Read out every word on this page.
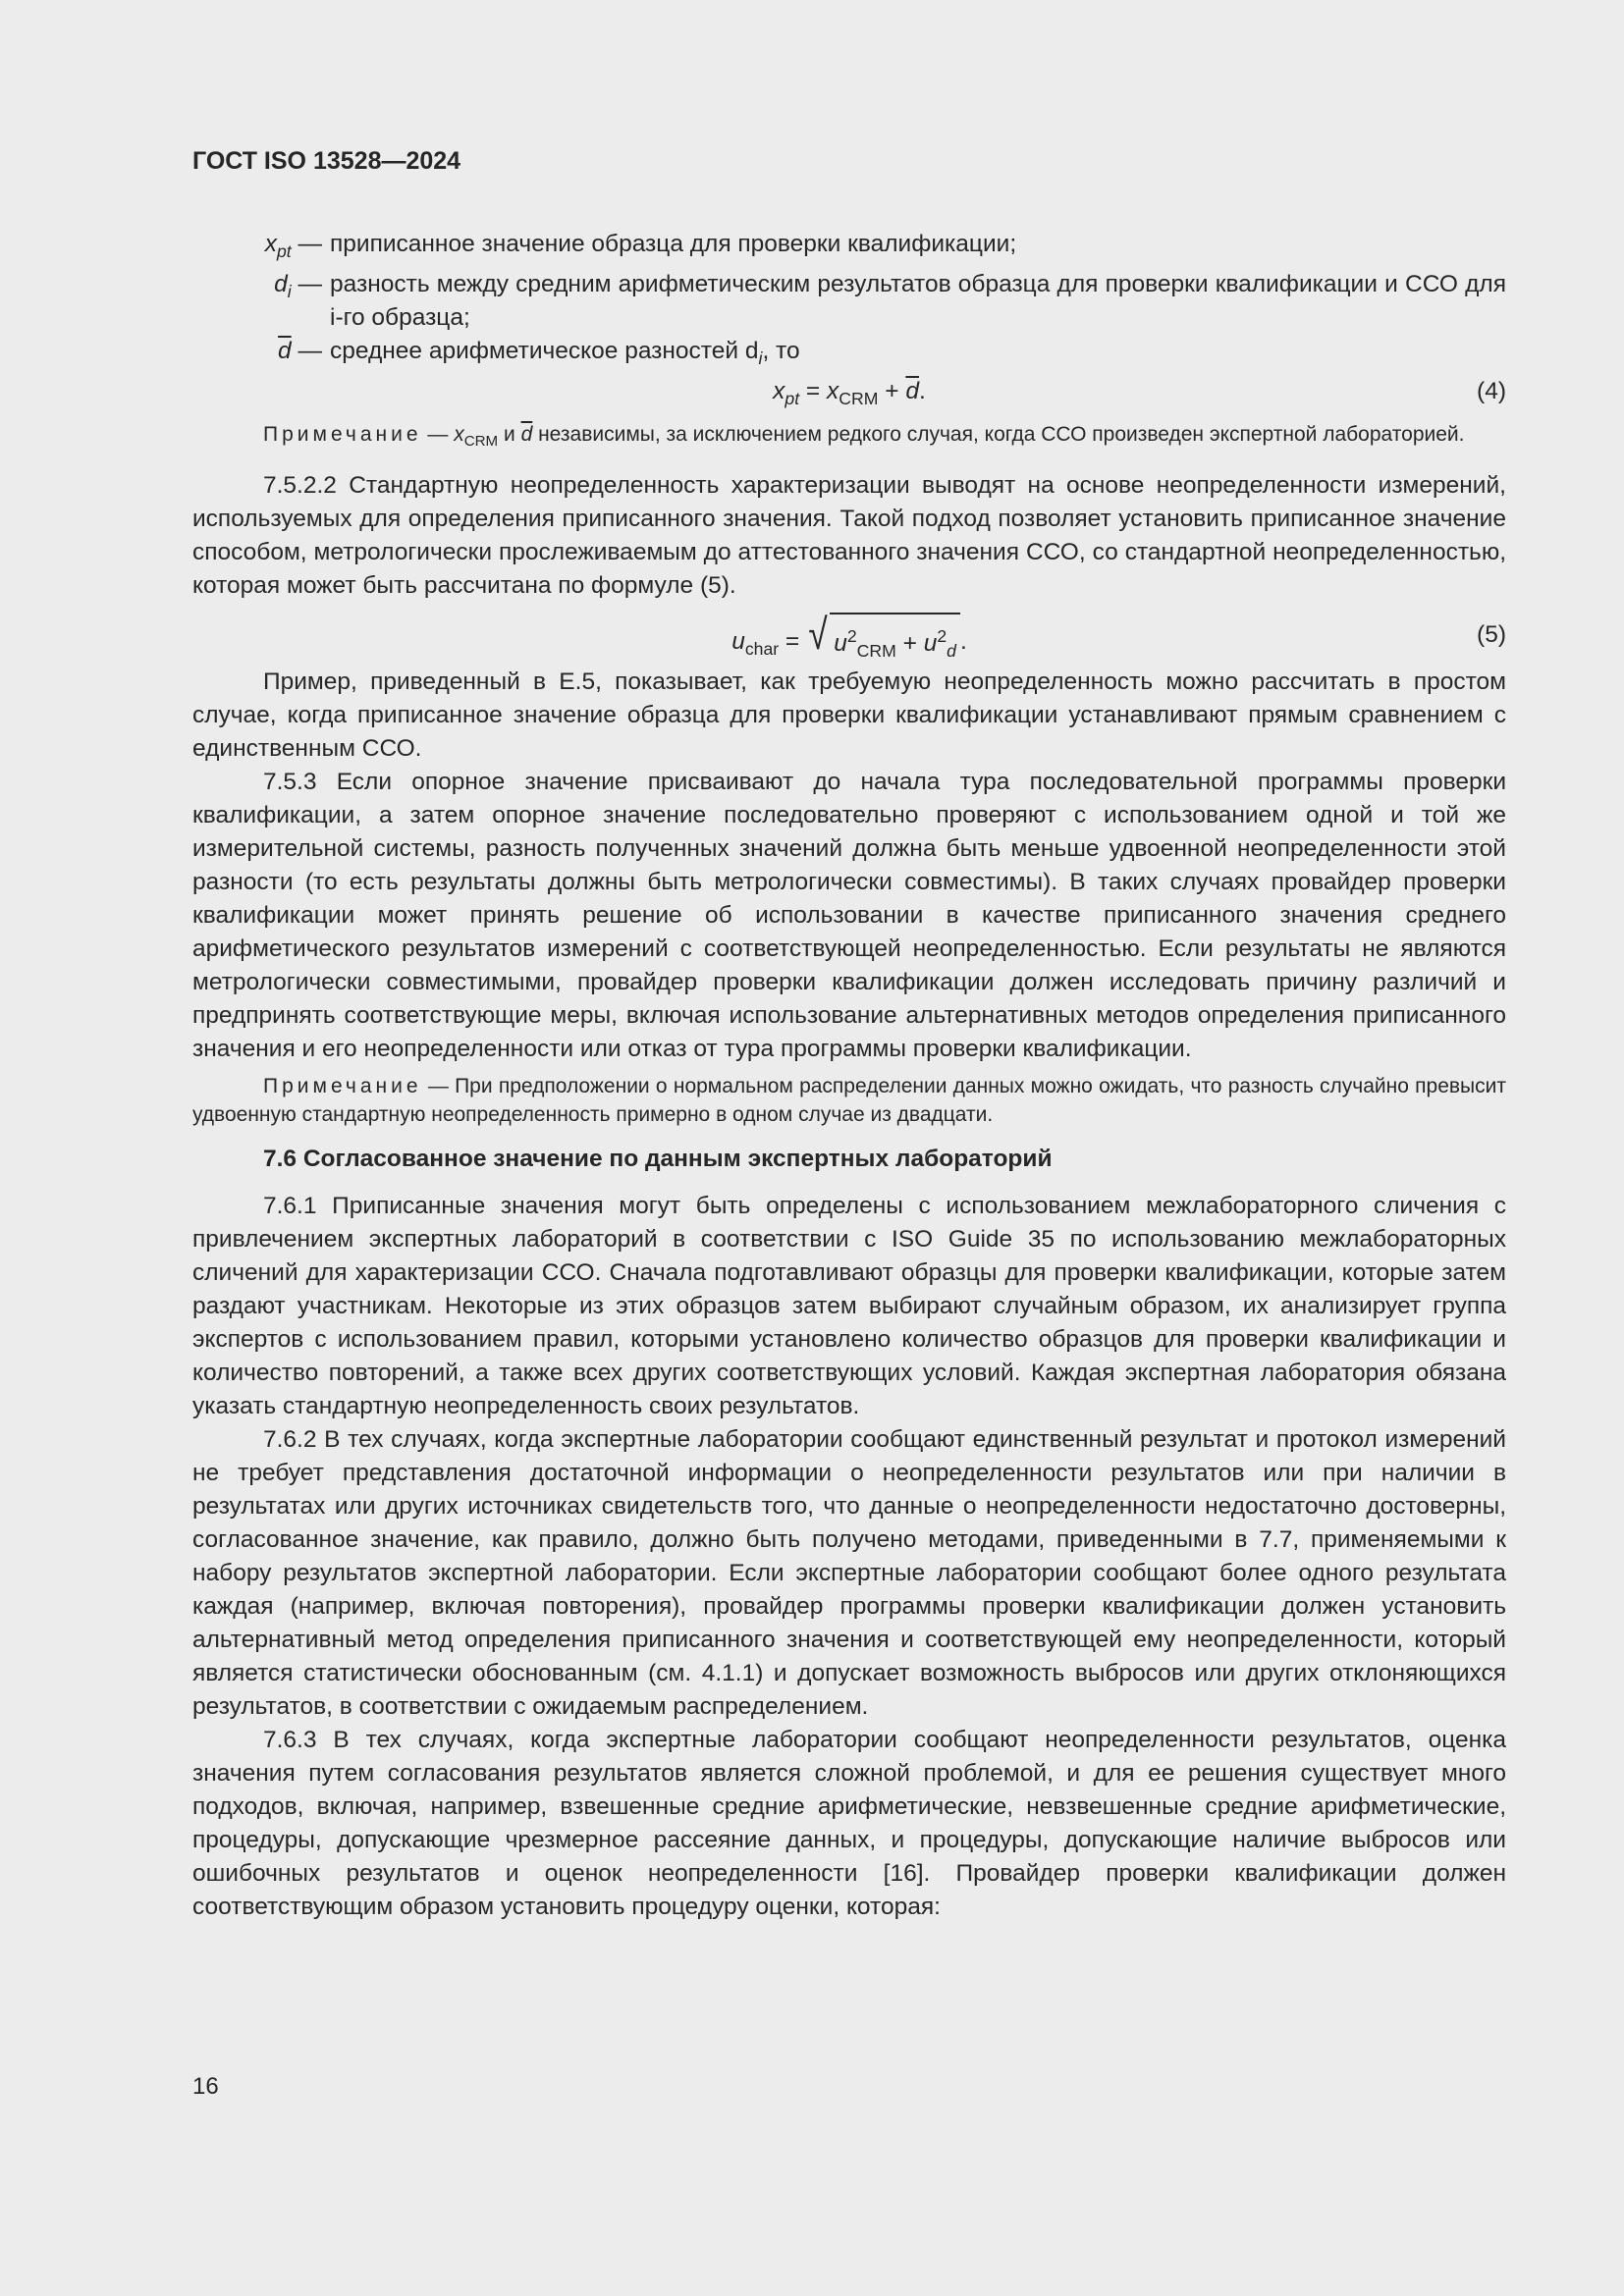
ГОСТ ISO 13528—2024
$x_{pt}$ — приписанное значение образца для проверки квалификации;
$d_i$ — разность между средним арифметическим результатов образца для проверки квалификации и ССО для i-го образца;
$\overline{d}$ — среднее арифметическое разностей $d_i$, то
$x_{pt} = x_{CRM} + \overline{d}$.	(4)

Примечание — $x_{CRM}$ и $\overline{d}$ независимы, за исключением редкого случая, когда ССО произведен экспертной лабораторией.

7.5.2.2 Стандартную неопределенность характеризации выводят на основе неопределенности измерений, используемых для определения приписанного значения. Такой подход позволяет установить приписанное значение способом, метрологически прослеживаемым до аттестованного значения ССО, со стандартной неопределенностью, которая может быть рассчитана по формуле (5).

$u_{char}$ = √ $u^2_{CRM} + u^2_d$ .	(5)

Пример, приведенный в Е.5, показывает, как требуемую неопределенность можно рассчитать в простом случае, когда приписанное значение образца для проверки квалификации устанавливают прямым сравнением с единственным ССО.

7.5.3 Если опорное значение присваивают до начала тура последовательной программы проверки квалификации, а затем опорное значение последовательно проверяют с использованием одной и той же измерительной системы, разность полученных значений должна быть меньше удвоенной неопределенности этой разности (то есть результаты должны быть метрологически совместимы). В таких случаях провайдер проверки квалификации может принять решение об использовании в качестве приписанного значения среднего арифметического результатов измерений с соответствующей неопределенностью. Если результаты не являются метрологически совместимыми, провайдер проверки квалификации должен исследовать причину различий и предпринять соответствующие меры, включая использование альтернативных методов определения приписанного значения и его неопределенности или отказ от тура программы проверки квалификации.

Примечание — При предположении о нормальном распределении данных можно ожидать, что разность случайно превысит удвоенную стандартную неопределенность примерно в одном случае из двадцати.

7.6 Согласованное значение по данным экспертных лабораторий

7.6.1 Приписанные значения могут быть определены с использованием межлабораторного сличения с привлечением экспертных лабораторий в соответствии с ISO Guide 35 по использованию межлабораторных сличений для характеризации ССО. Сначала подготавливают образцы для проверки квалификации, которые затем раздают участникам. Некоторые из этих образцов затем выбирают случайным образом, их анализирует группа экспертов с использованием правил, которыми установлено количество образцов для проверки квалификации и количество повторений, а также всех других соответствующих условий. Каждая экспертная лаборатория обязана указать стандартную неопределенность своих результатов.

7.6.2 В тех случаях, когда экспертные лаборатории сообщают единственный результат и протокол измерений не требует представления достаточной информации о неопределенности результатов или при наличии в результатах или других источниках свидетельств того, что данные о неопределенности недостаточно достоверны, согласованное значение, как правило, должно быть получено методами, приведенными в 7.7, применяемыми к набору результатов экспертной лаборатории. Если экспертные лаборатории сообщают более одного результата каждая (например, включая повторения), провайдер программы проверки квалификации должен установить альтернативный метод определения приписанного значения и соответствующей ему неопределенности, который является статистически обоснованным (см. 4.1.1) и допускает возможность выбросов или других отклоняющихся результатов, в соответствии с ожидаемым распределением.

7.6.3 В тех случаях, когда экспертные лаборатории сообщают неопределенности результатов, оценка значения путем согласования результатов является сложной проблемой, и для ее решения существует много подходов, включая, например, взвешенные средние арифметические, невзвешенные средние арифметические, процедуры, допускающие чрезмерное рассеяние данных, и процедуры, допускающие наличие выбросов или ошибочных результатов и оценок неопределенности [16]. Провайдер проверки квалификации должен соответствующим образом установить процедуру оценки, которая:

16
